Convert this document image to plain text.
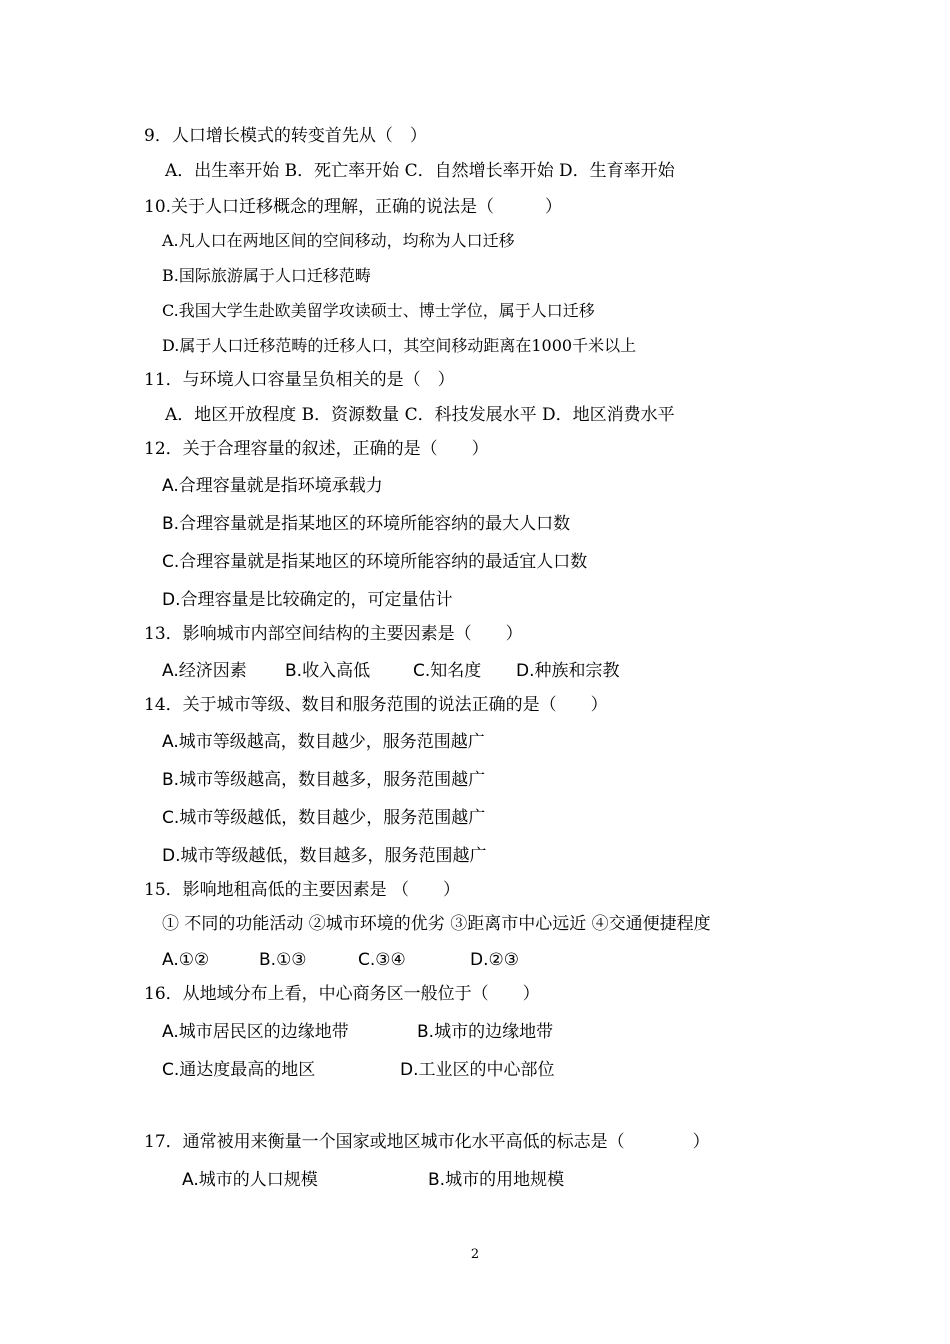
9．人口增长模式的转变首先从（　）
A．出生率开始 B．死亡率开始 C．自然增长率开始 D．生育率开始
10.关于人口迁移概念的理解，正确的说法是（　　　）
A.凡人口在两地区间的空间移动，均称为人口迁移
B.国际旅游属于人口迁移范畴
C.我国大学生赴欧美留学攻读硕士、博士学位，属于人口迁移
D.属于人口迁移范畴的迁移人口，其空间移动距离在1000千米以上
11．与环境人口容量呈负相关的是（　）
A．地区开放程度 B．资源数量 C．科技发展水平 D．地区消费水平
12．关于合理容量的叙述，正确的是（　　）
A.合理容量就是指环境承载力
B.合理容量就是指某地区的环境所能容纳的最大人口数
C.合理容量就是指某地区的环境所能容纳的最适宜人口数
D.合理容量是比较确定的，可定量估计
13．影响城市内部空间结构的主要因素是（　　）
A.经济因素 B.收入高低	C.知名度 D.种族和宗教
14．关于城市等级、数目和服务范围的说法正确的是（　　）
A.城市等级越高，数目越少，服务范围越广
B.城市等级越高，数目越多，服务范围越广
C.城市等级越低，数目越少，服务范围越广
D.城市等级越低，数目越多，服务范围越广
15．影响地租高低的主要因素是 （　　）
① 不同的功能活动 ②城市环境的优劣 ③距离市中心远近 ④交通便捷程度
A.①②	B.①③	C.③④	D.②③
16．从地域分布上看，中心商务区一般位于（　　）
A.城市居民区的边缘地带	B.城市的边缘地带
C.通达度最高的地区	D.工业区的中心部位
17．通常被用来衡量一个国家或地区城市化水平高低的标志是（　　　　）
A.城市的人口规模	B.城市的用地规模
2
